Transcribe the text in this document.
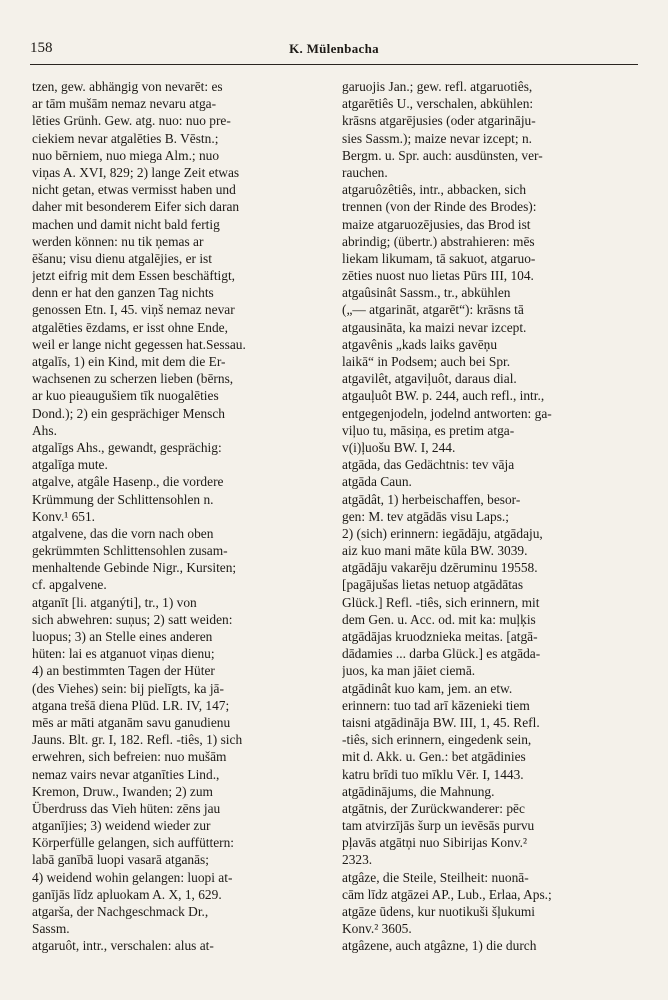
158	K. Mülenbacha
tzen, gew. abhängig von nevarēt: es
ar tām mušām nemaz nevaru atga-
lēties Grünh. Gew. atg. nuo: nuo pre-
ciekiem nevar atgalēties B. Vēstn.;
nuo bērniem, nuo miega Alm.; nuo
viņas A. XVI, 829; 2) lange Zeit etwas
nicht getan, etwas vermisst haben und
daher mit besonderem Eifer sich daran
machen und damit nicht bald fertig
werden können: nu tik ņemas ar
ēšanu; visu dienu atgalējies, er ist
jetzt eifrig mit dem Essen beschäftigt,
denn er hat den ganzen Tag nichts
genossen Etn. I, 45. viņš nemaz nevar
atgalēties ēzdams, er isst ohne Ende,
weil er lange nicht gegessen hat.Sessau.
atgalīs, 1) ein Kind, mit dem die Er-
wachsenen zu scherzen lieben (bērns,
ar kuo pieaugušiem tīk nuogalēties
Dond.); 2) ein gesprächiger Mensch
Ahs.
atgalīgs Ahs., gewandt, gesprächig:
atgalīga mute.
atgalve, atgâle Hasenp., die vordere
Krümmung der Schlittensohlen n.
Konv.¹ 651.
atgalvene, das die vorn nach oben
gekrümmten Schlittensohlen zusam-
menhaltende Gebinde Nigr., Kursiten;
cf. apgalvene.
atganīt [li. atganýti], tr., 1) von
sich abwehren: suņus; 2) satt weiden:
luopus; 3) an Stelle eines anderen
hüten: lai es atganuot viņas dienu;
4) an bestimmten Tagen der Hüter
(des Viehes) sein: bij pielīgts, ka jā-
atgana trešā diena Plūd. LR. IV, 147;
mēs ar māti atganām savu ganudienu
Jauns. Blt. gr. I, 182. Refl. -tiês, 1) sich
erwehren, sich befreien: nuo mušām
nemaz vairs nevar atganīties Lind.,
Kremon, Druw., Iwanden; 2) zum
Überdruss das Vieh hüten: zēns jau
atganījies; 3) weidend wieder zur
Körperfülle gelangen, sich auffüttern:
labā ganībā luopi vasarā atganās;
4) weidend wohin gelangen: luopi at-
ganījās līdz apluokam A. X, 1, 629.
atgarša, der Nachgeschmack Dr.,
Sassm.
atgaruôt, intr., verschalen: alus at-
garuojis Jan.; gew. refl. atgaruotiês,
atgarētiês U., verschalen, abkühlen:
krāsns atgarējusies (oder atgarināju-
sies Sassm.); maize nevar izcept; n.
Bergm. u. Spr. auch: ausdünsten, ver-
rauchen.
atgaruôzêtiês, intr., abbacken, sich
trennen (von der Rinde des Brodes):
maize atgaruozējusies, das Brod ist
abrindig; (übertr.) abstrahieren: mēs
liekam likumam, tā sakuot, atgaruo-
zēties nuost nuo lietas Pūrs III, 104.
atgaûsinât Sassm., tr., abkühlen
(„— atgarināt, atgarēt“): krāsns tā
atgausināta, ka maizi nevar izcept.
atgavênis „kads laiks gavēņu
laikā“ in Podsem; auch bei Spr.
atgavilêt, atgaviļuôt, daraus dial.
atgauļuôt BW. p. 244, auch refl., intr.,
entgegenjodeln, jodelnd antworten: ga-
viļuo tu, māsiņa, es pretim atga-
v(i)ļuošu BW. I, 244.
atgāda, das Gedächtnis: tev vāja
atgāda Caun.
atgādât, 1) herbeischaffen, besor-
gen: M. tev atgādās visu Laps.;
2) (sich) erinnern: iegādāju, atgādaju,
aiz kuo mani māte kūla BW. 3039.
atgādāju vakarēju dzēruminu 19558.
[pagājušas lietas netuop atgādātas
Glück.] Refl. -tiês, sich erinnern, mit
dem Gen. u. Acc. od. mit ka: muļķis
atgādājas kruodznieka meitas. [atgā-
dādamies ... darba Glück.] es atgāda-
juos, ka man jāiet ciemā.
atgādinât kuo kam, jem. an etw.
erinnern: tuo tad arī kāzenieki tiem
taisni atgādināja BW. III, 1, 45. Refl.
-tiês, sich erinnern, eingedenk sein,
mit d. Akk. u. Gen.: bet atgādinies
katru brīdi tuo mīklu Vēr. I, 1443.
atgādinājums, die Mahnung.
atgātnis, der Zurückwanderer: pēc
tam atvirzījās šurp un ievēsās purvu
pļavās atgātņi nuo Sibirijas Konv.²
2323.
atgâze, die Steile, Steilheit: nuonā-
cām līdz atgāzei AP., Lub., Erlaa, Aps.;
atgāze ūdens, kur nuotikuši šļukumi
Konv.² 3605.
atgâzene, auch atgâzne, 1) die durch
